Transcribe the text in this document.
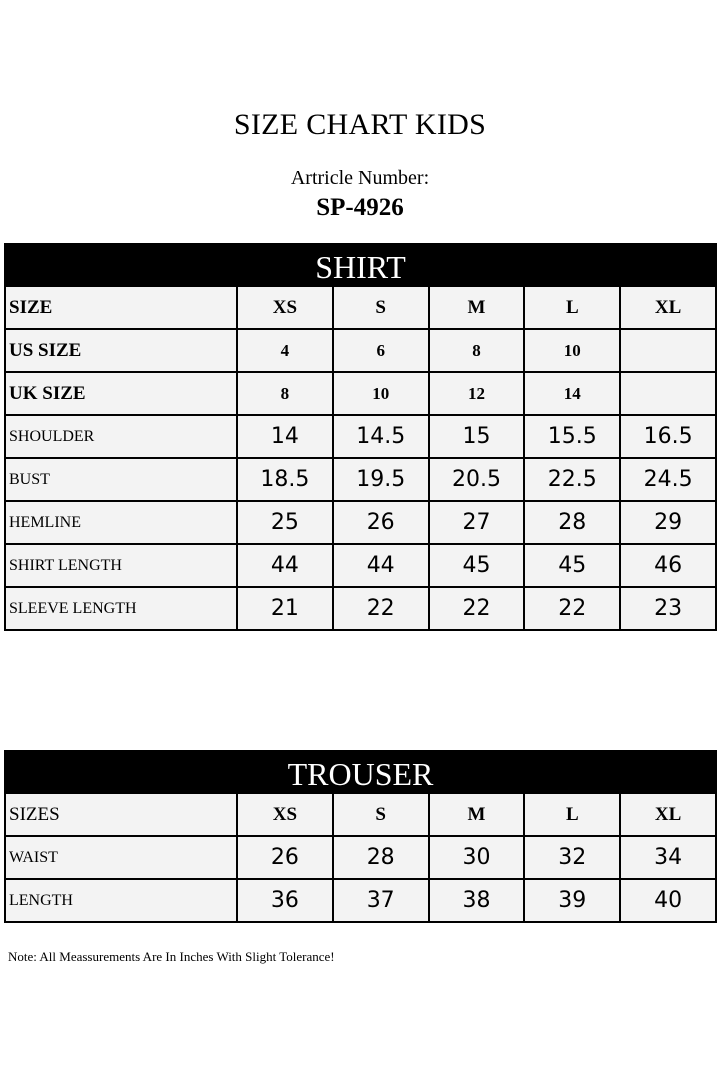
SIZE CHART KIDS
Artricle Number:
SP-4926
SHIRT
SIZE	XS	S	M	L	XL
US SIZE	4	6	8	10	
UK SIZE	8	10	12	14	
SHOULDER	14	14.5	15	15.5	16.5
BUST	18.5	19.5	20.5	22.5	24.5
HEMLINE	25	26	27	28	29
SHIRT LENGTH	44	44	45	45	46
SLEEVE LENGTH	21	22	22	22	23
TROUSER
SIZES	XS	S	M	L	XL
WAIST	26	28	30	32	34
LENGTH	36	37	38	39	40
Note: All Meassurements Are In Inches With Slight Tolerance!
